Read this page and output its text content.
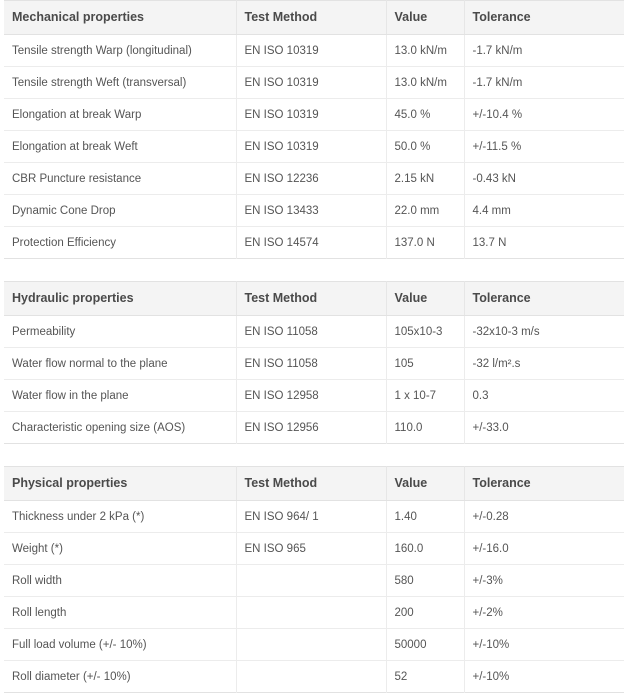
Mechanical properties	Test Method	Value	Tolerance
Tensile strength Warp (longitudinal)	EN ISO 10319	13.0 kN/m	-1.7 kN/m
Tensile strength Weft (transversal)	EN ISO 10319	13.0 kN/m	-1.7 kN/m
Elongation at break Warp	EN ISO 10319	45.0 %	+/-10.4 %
Elongation at break Weft	EN ISO 10319	50.0 %	+/-11.5 %
CBR Puncture resistance	EN ISO 12236	2.15 kN	-0.43 kN
Dynamic Cone Drop	EN ISO 13433	22.0 mm	4.4 mm
Protection Efficiency	EN ISO 14574	137.0 N	13.7 N
Hydraulic properties	Test Method	Value	Tolerance
Permeability	EN ISO 11058	105x10-3	-32x10-3 m/s
Water flow normal to the plane	EN ISO 11058	105	-32 l/m².s
Water flow in the plane	EN ISO 12958	1 x 10-7	0.3
Characteristic opening size (AOS)	EN ISO 12956	110.0	+/-33.0
Physical properties	Test Method	Value	Tolerance
Thickness under 2 kPa (*)	EN ISO 964/ 1	1.40	+/-0.28
Weight (*)	EN ISO 965	160.0	+/-16.0
Roll width		580	+/-3%
Roll length		200	+/-2%
Full load volume (+/- 10%)		50000	+/-10%
Roll diameter (+/- 10%)		52	+/-10%
